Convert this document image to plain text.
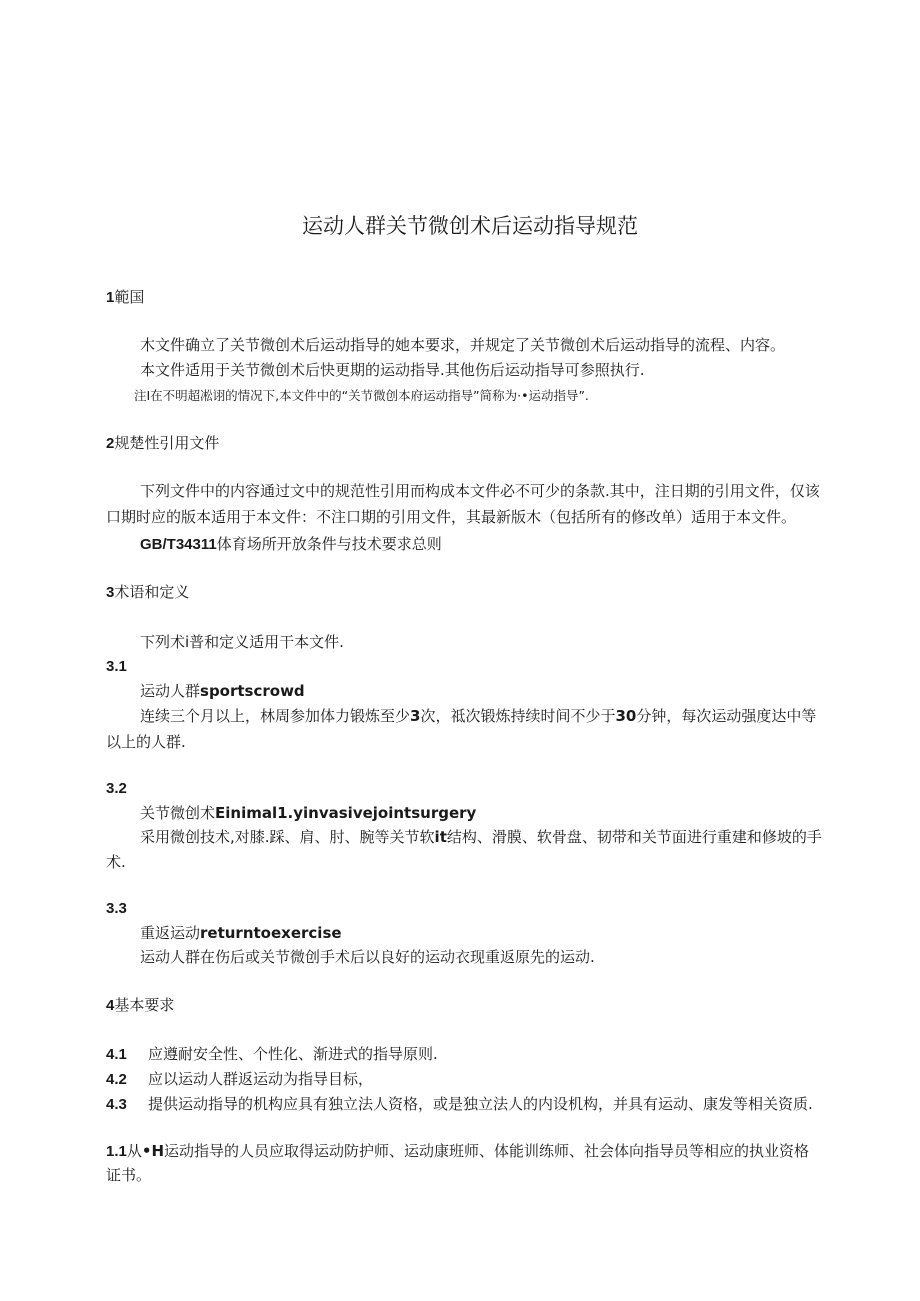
运动人群关节微创术后运动指导规范
1範国
木文件确立了关节微创术后运动指导的她本要求，并规定了关节微创术后运动指导的流程、内容。
本文件适用于关节微创术后快更期的运动指导.其他伤后运动指导可参照执行.
注I在不明超凇诩的情况下,本文件中的“关节微创本府运动指导”简称为·•运动指导”.
2规楚性引用文件
下列文件中的内容通过文中的规范性引用而构成本文件必不可少的条款.其中，注日期的引用文件，仅该
口期时应的版本适用于本文件：不注口期的引用文件，其最新版木（包括所有的修改单）适用于本文件。
GB/T34311体育场所开放条件与技术要求总则
3术语和定义
下列术i普和定义适用干本文件.
3.1
运动人群sportscrowd
连续三个月以上，林周参加体力锻炼至少3次，祗次锻炼持续时间不少于30分钟，每次运动强度达中等
以上的人群.
3.2
关节微创术Einimal1.yinvasivejointsurgery
采用微创技术,对膝.踩、肩、肘、腕等关节软it结构、滑膜、软骨盘、韧带和关节面进行重建和修坡的手
术.
3.3
重返运动returntoexercise
运动人群在伤后或关节微创手术后以良好的运动衣现重返原先的运动.
4基本要求
4.1 应遵耐安全性、个性化、渐进式的指导原则.
4.2 应以运动人群返运动为指导目标，
4.3 提供运动指导的机构应具有独立法人资格，或是独立法人的内设机构，并具有运动、康发等相关资质.
1.1从•H运动指导的人员应取得运动防护师、运动康班师、体能训练师、社会体向指导员等相应的执业资格
证书。
